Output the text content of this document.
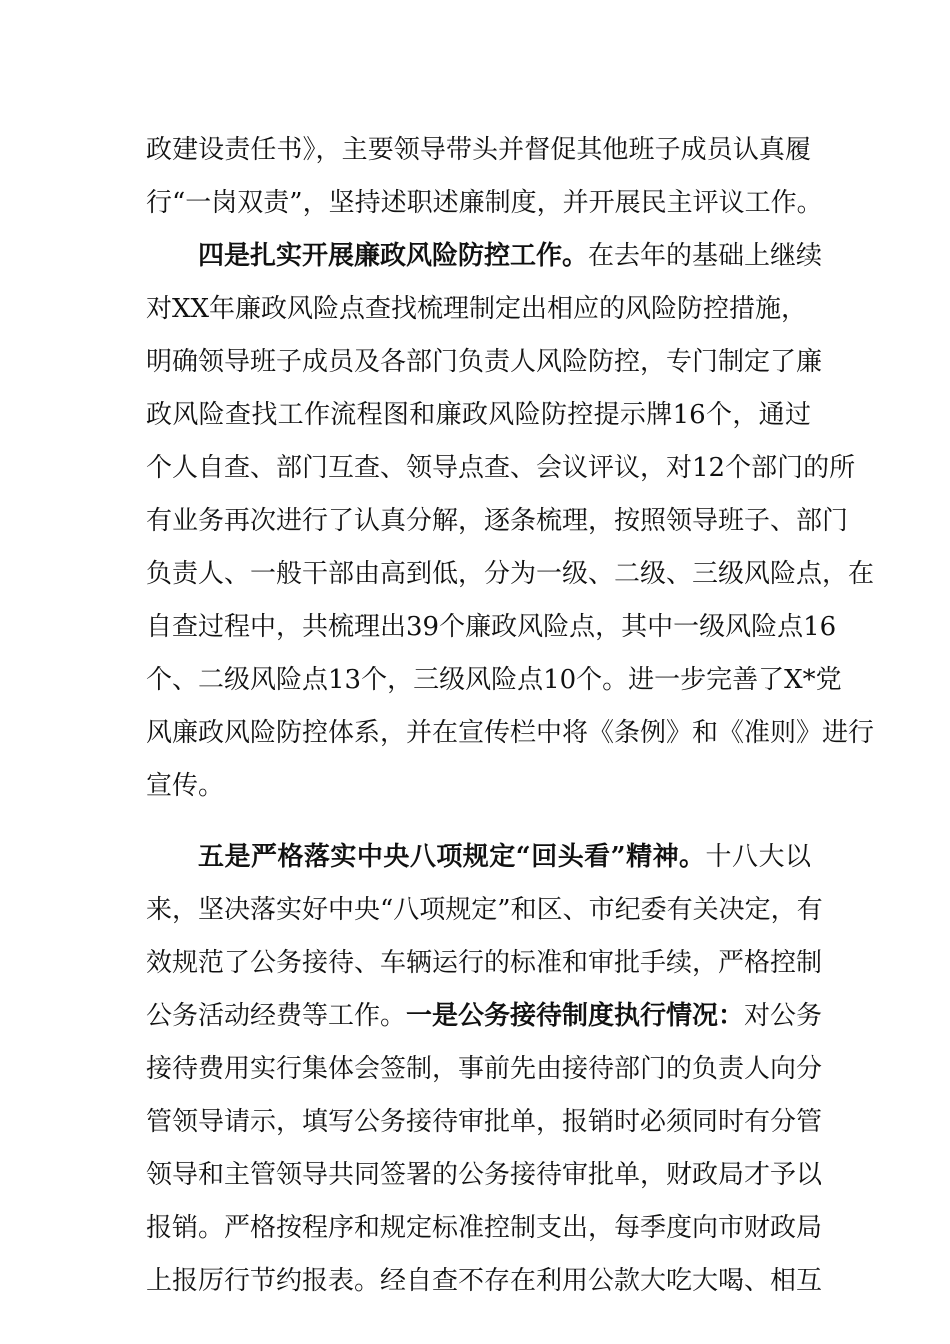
政建设责任书》，主要领导带头并督促其他班子成员认真履
行“一岗双责”，坚持述职述廉制度，并开展民主评议工作。
四是扎实开展廉政风险防控工作。在去年的基础上继续
对XX年廉政风险点查找梳理制定出相应的风险防控措施，
明确领导班子成员及各部门负责人风险防控，专门制定了廉
政风险查找工作流程图和廉政风险防控提示牌16个，通过
个人自查、部门互查、领导点查、会议评议，对12个部门的所
有业务再次进行了认真分解，逐条梳理，按照领导班子、部门
负责人、一般干部由高到低，分为一级、二级、三级风险点，在
自查过程中，共梳理出39个廉政风险点，其中一级风险点16
个、二级风险点13个，三级风险点10个。进一步完善了X*党
风廉政风险防控体系，并在宣传栏中将《条例》和《准则》进行
宣传。
五是严格落实中央八项规定“回头看”精神。十八大以
来，坚决落实好中央“八项规定”和区、市纪委有关决定，有
效规范了公务接待、车辆运行的标准和审批手续，严格控制
公务活动经费等工作。一是公务接待制度执行情况：对公务
接待费用实行集体会签制，事前先由接待部门的负责人向分
管领导请示，填写公务接待审批单，报销时必须同时有分管
领导和主管领导共同签署的公务接待审批单，财政局才予以
报销。严格按程序和规定标准控制支出，每季度向市财政局
上报厉行节约报表。经自查不存在利用公款大吃大喝、相互
